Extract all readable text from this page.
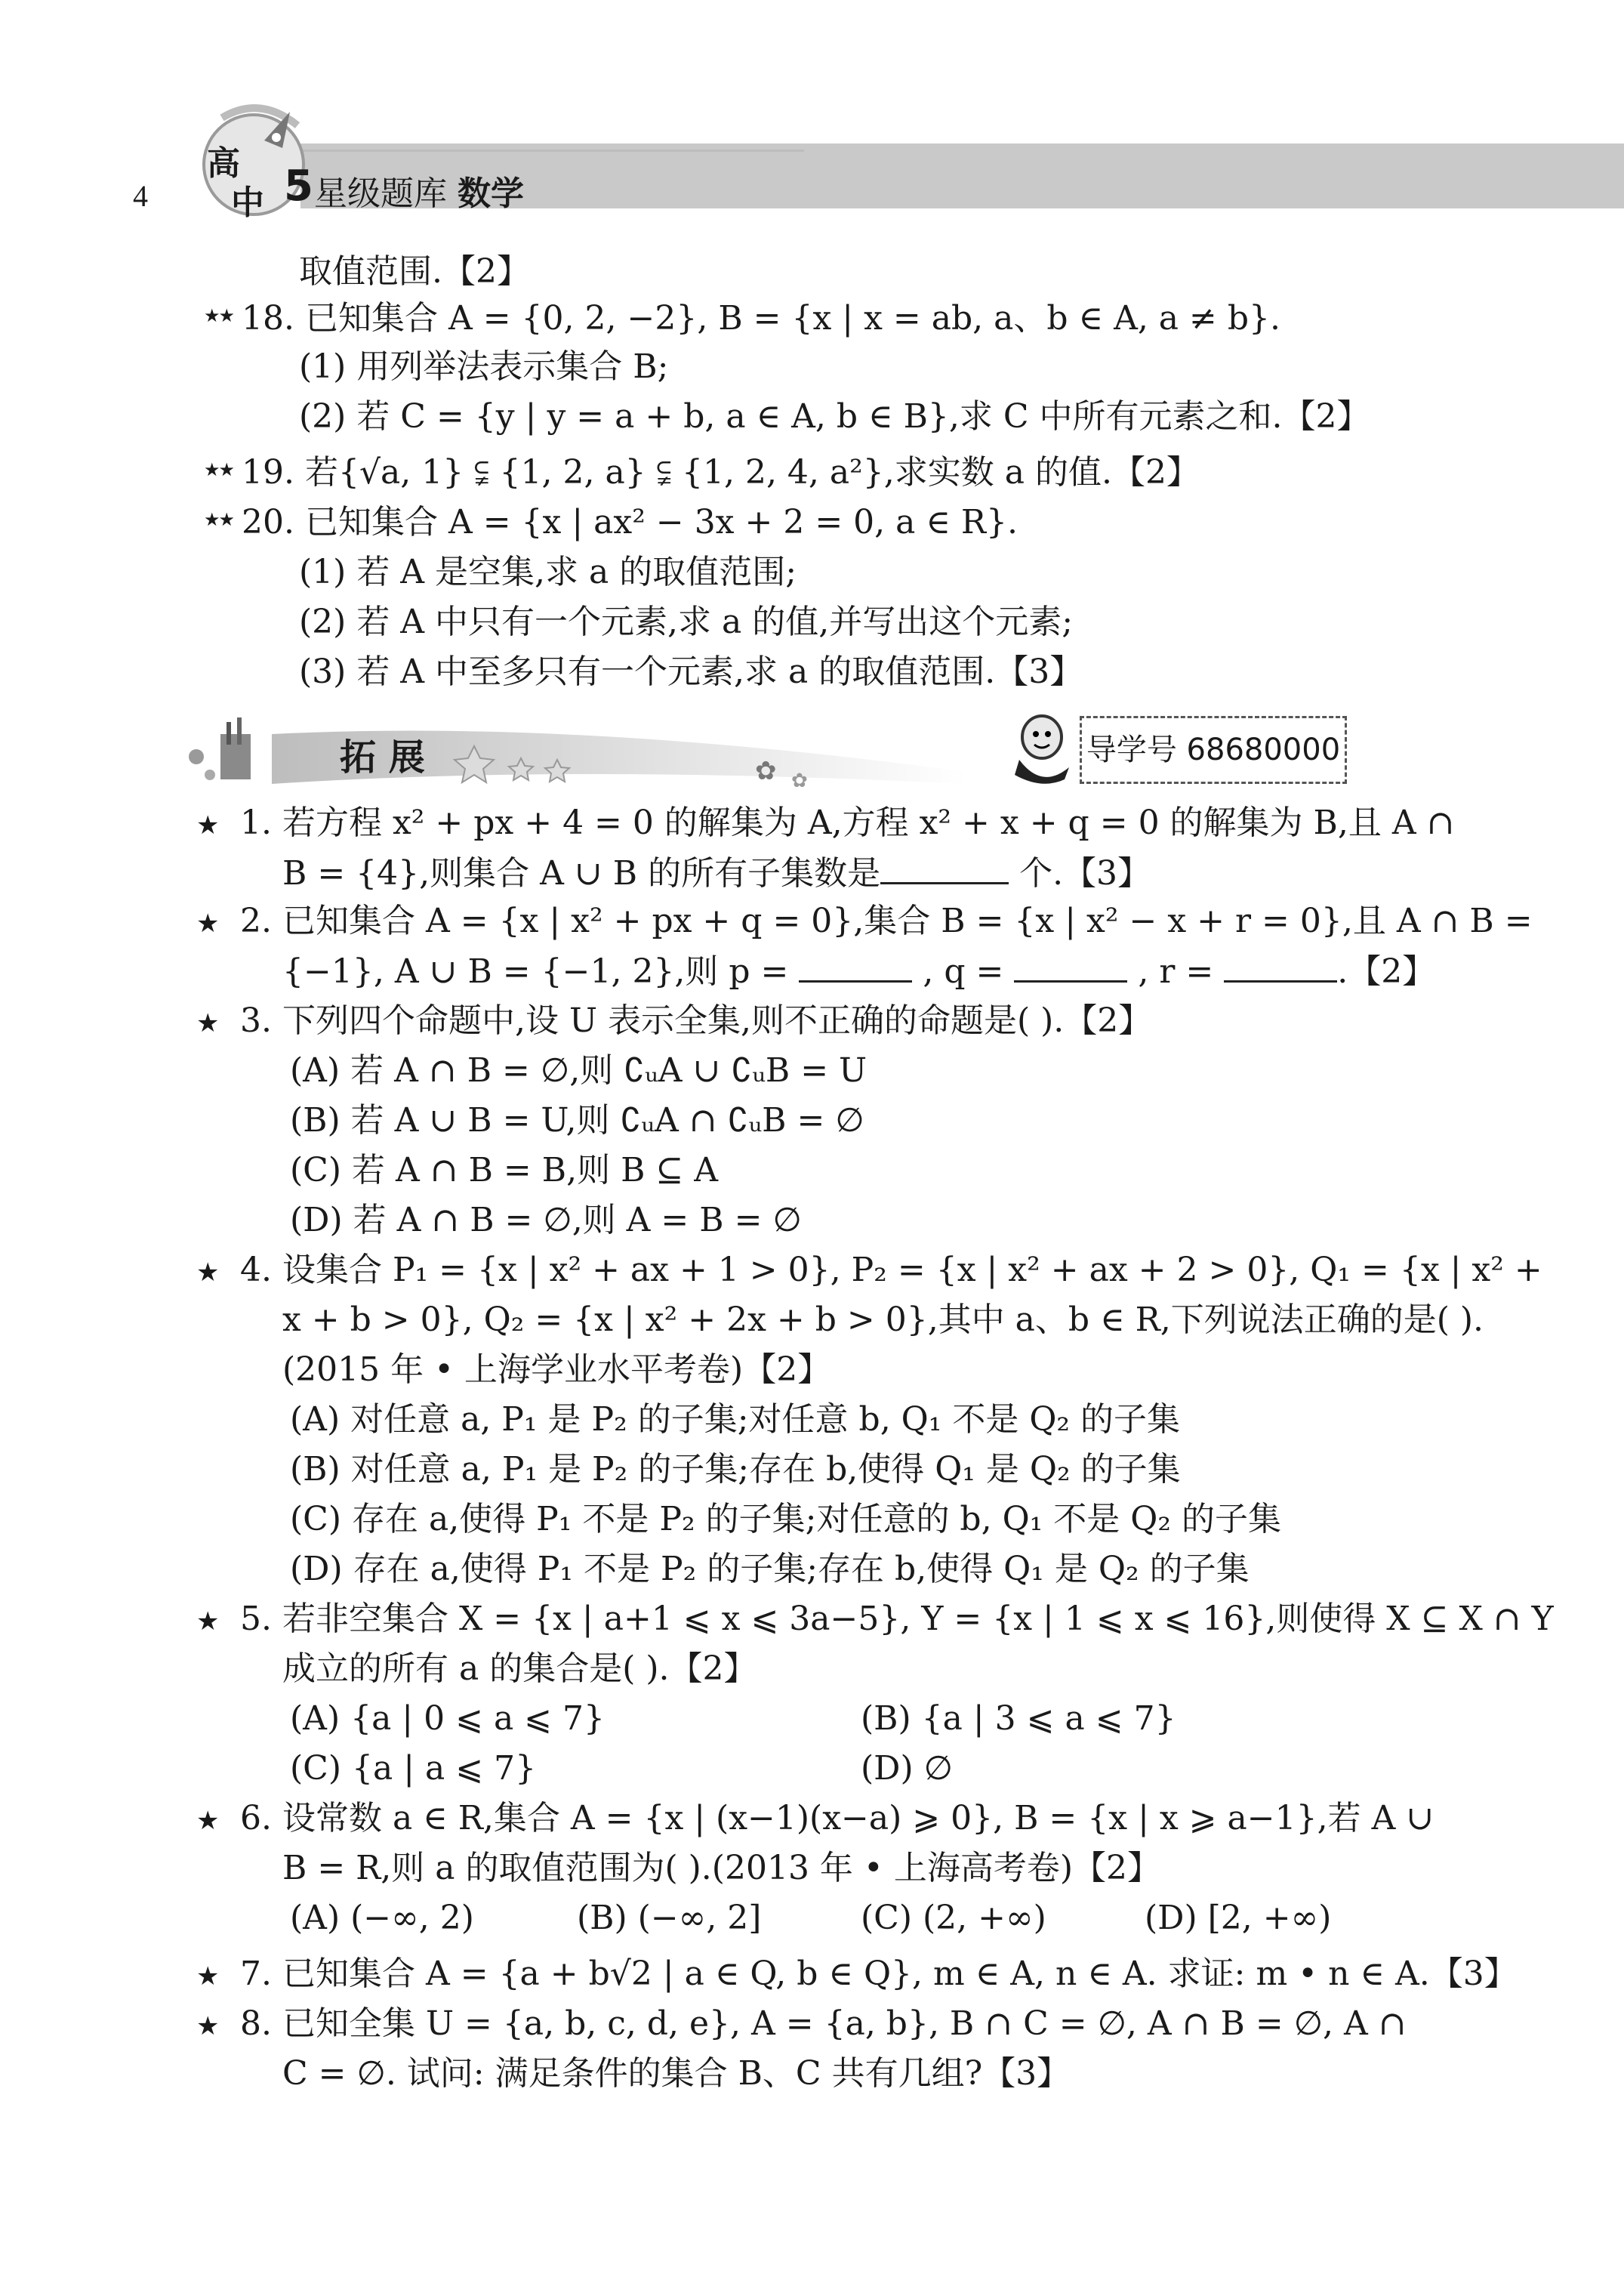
4
高
中 5 星级题库 数学
取值范围.【2】
★★ 18. 已知集合 A = {0, 2, −2}, B = {x | x = ab, a、b ∈ A, a ≠ b}.
(1) 用列举法表示集合 B;
(2) 若 C = {y | y = a + b, a ∈ A, b ∈ B},求 C 中所有元素之和.【2】
★★ 19. 若{√a, 1} ⫋ {1, 2, a} ⫋ {1, 2, 4, a²},求实数 a 的值.【2】
★★ 20. 已知集合 A = {x | ax² − 3x + 2 = 0, a ∈ R}.
(1) 若 A 是空集,求 a 的取值范围;
(2) 若 A 中只有一个元素,求 a 的值,并写出这个元素;
(3) 若 A 中至多只有一个元素,求 a 的取值范围.【3】
✿ ✿
拓 展	导学号 68680000
★ 1. 若方程 x² + px + 4 = 0 的解集为 A,方程 x² + x + q = 0 的解集为 B,且 A ∩
B = {4},则集合 A ∪ B 的所有子集数是	个.【3】
★ 2. 已知集合 A = {x | x² + px + q = 0},集合 B = {x | x² − x + r = 0},且 A ∩ B =
{−1}, A ∪ B = {−1, 2},则 p =	, q =	, r =	.【2】
★ 3. 下列四个命题中,设 U 表示全集,则不正确的命题是( ).【2】
(A) 若 A ∩ B = ∅,则 ∁ᵤA ∪ ∁ᵤB = U
(B) 若 A ∪ B = U,则 ∁ᵤA ∩ ∁ᵤB = ∅
(C) 若 A ∩ B = B,则 B ⊆ A
(D) 若 A ∩ B = ∅,则 A = B = ∅
★ 4. 设集合 P₁ = {x | x² + ax + 1 > 0}, P₂ = {x | x² + ax + 2 > 0}, Q₁ = {x | x² +
x + b > 0}, Q₂ = {x | x² + 2x + b > 0},其中 a、b ∈ R,下列说法正确的是( ).
(2015 年 • 上海学业水平考卷)【2】
(A) 对任意 a, P₁ 是 P₂ 的子集;对任意 b, Q₁ 不是 Q₂ 的子集
(B) 对任意 a, P₁ 是 P₂ 的子集;存在 b,使得 Q₁ 是 Q₂ 的子集
(C) 存在 a,使得 P₁ 不是 P₂ 的子集;对任意的 b, Q₁ 不是 Q₂ 的子集
(D) 存在 a,使得 P₁ 不是 P₂ 的子集;存在 b,使得 Q₁ 是 Q₂ 的子集
★ 5. 若非空集合 X = {x | a+1 ⩽ x ⩽ 3a−5}, Y = {x | 1 ⩽ x ⩽ 16},则使得 X ⊆ X ∩ Y
成立的所有 a 的集合是( ).【2】
(A) {a | 0 ⩽ a ⩽ 7}	(B) {a | 3 ⩽ a ⩽ 7}
(C) {a | a ⩽ 7}	(D) ∅
★ 6. 设常数 a ∈ R,集合 A = {x | (x−1)(x−a) ⩾ 0}, B = {x | x ⩾ a−1},若 A ∪
B = R,则 a 的取值范围为( ).(2013 年 • 上海高考卷)【2】
(A) (−∞, 2)	(B) (−∞, 2]	(C) (2, +∞)	(D) [2, +∞)
★ 7. 已知集合 A = {a + b√2 | a ∈ Q, b ∈ Q}, m ∈ A, n ∈ A. 求证: m • n ∈ A.【3】
★ 8. 已知全集 U = {a, b, c, d, e}, A = {a, b}, B ∩ C = ∅, A ∩ B = ∅, A ∩
C = ∅. 试问: 满足条件的集合 B、C 共有几组?【3】
